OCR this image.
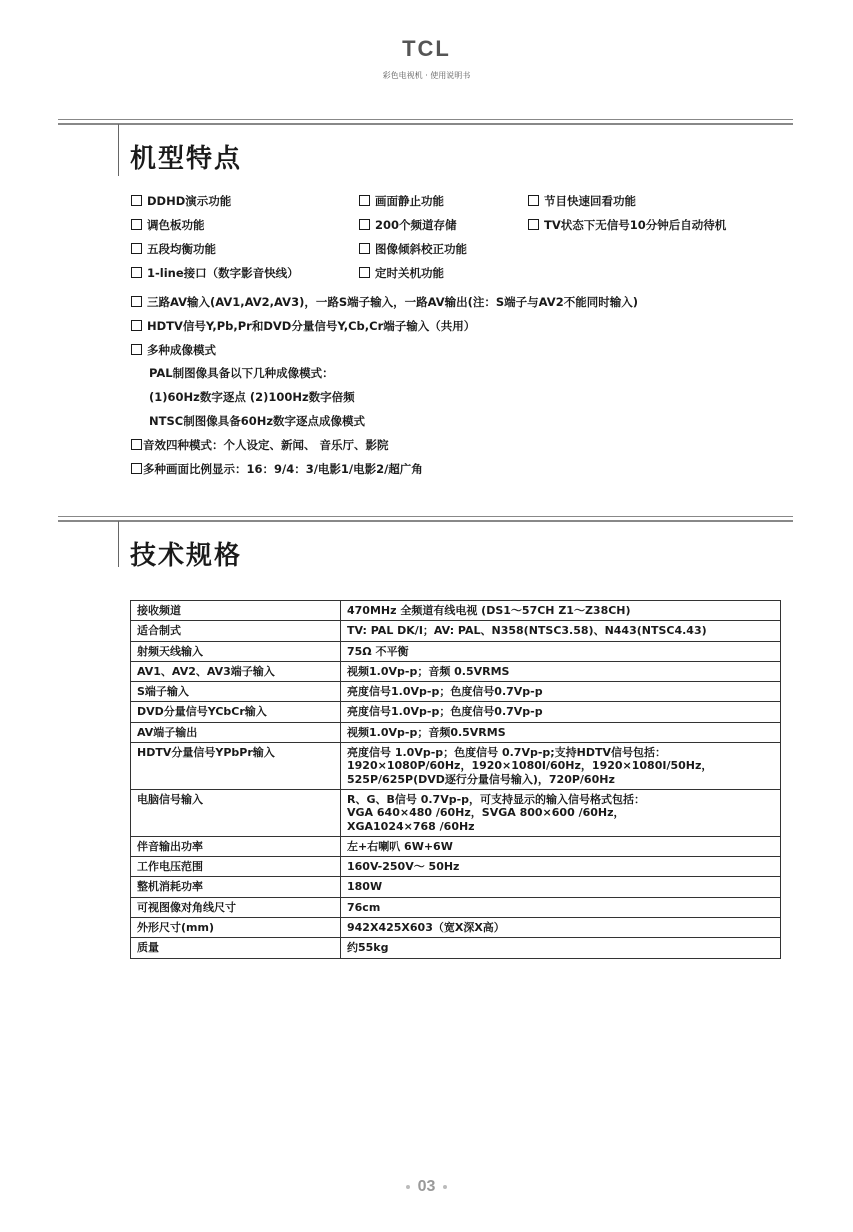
TCL
彩色电视机 · 使用说明书
机型特点
DDHD演示功能	画面静止功能	节目快速回看功能
调色板功能	200个频道存储	TV状态下无信号10分钟后自动待机
五段均衡功能	图像倾斜校正功能
1-line接口（数字影音快线）	定时关机功能
三路AV输入(AV1,AV2,AV3)，一路S端子输入，一路AV输出(注：S端子与AV2不能同时输入)
HDTV信号Y,Pb,Pr和DVD分量信号Y,Cb,Cr端子输入（共用）
多种成像模式
PAL制图像具备以下几种成像模式：
(1)60Hz数字逐点 (2)100Hz数字倍频
NTSC制图像具备60Hz数字逐点成像模式
音效四种模式：个人设定、新闻、 音乐厅、影院
多种画面比例显示：16：9/4：3/电影1/电影2/超广角
技术规格
接收频道	470MHz 全频道有线电视 (DS1～57CH Z1～Z38CH)
适合制式	TV: PAL DK/I；AV: PAL、N358(NTSC3.58)、N443(NTSC4.43)
射频天线输入	75Ω 不平衡
AV1、AV2、AV3端子输入	视频1.0Vp-p；音频 0.5VRMS
S端子输入	亮度信号1.0Vp-p；色度信号0.7Vp-p
DVD分量信号YCbCr输入	亮度信号1.0Vp-p；色度信号0.7Vp-p
AV端子输出	视频1.0Vp-p；音频0.5VRMS
HDTV分量信号YPbPr输入	亮度信号 1.0Vp-p；色度信号 0.7Vp-p;支持HDTV信号包括：
1920×1080P/60Hz，1920×1080I/60Hz，1920×1080I/50Hz，
525P/625P(DVD逐行分量信号输入)，720P/60Hz
电脑信号输入	R、G、B信号 0.7Vp-p，可支持显示的输入信号格式包括：
VGA 640×480 /60Hz，SVGA 800×600 /60Hz，
XGA1024×768 /60Hz
伴音输出功率	左+右喇叭 6W+6W
工作电压范围	160V-250V～ 50Hz
整机消耗功率	180W
可视图像对角线尺寸	76cm
外形尺寸(mm)	942X425X603（宽X深X高）
质量	约55kg
03
